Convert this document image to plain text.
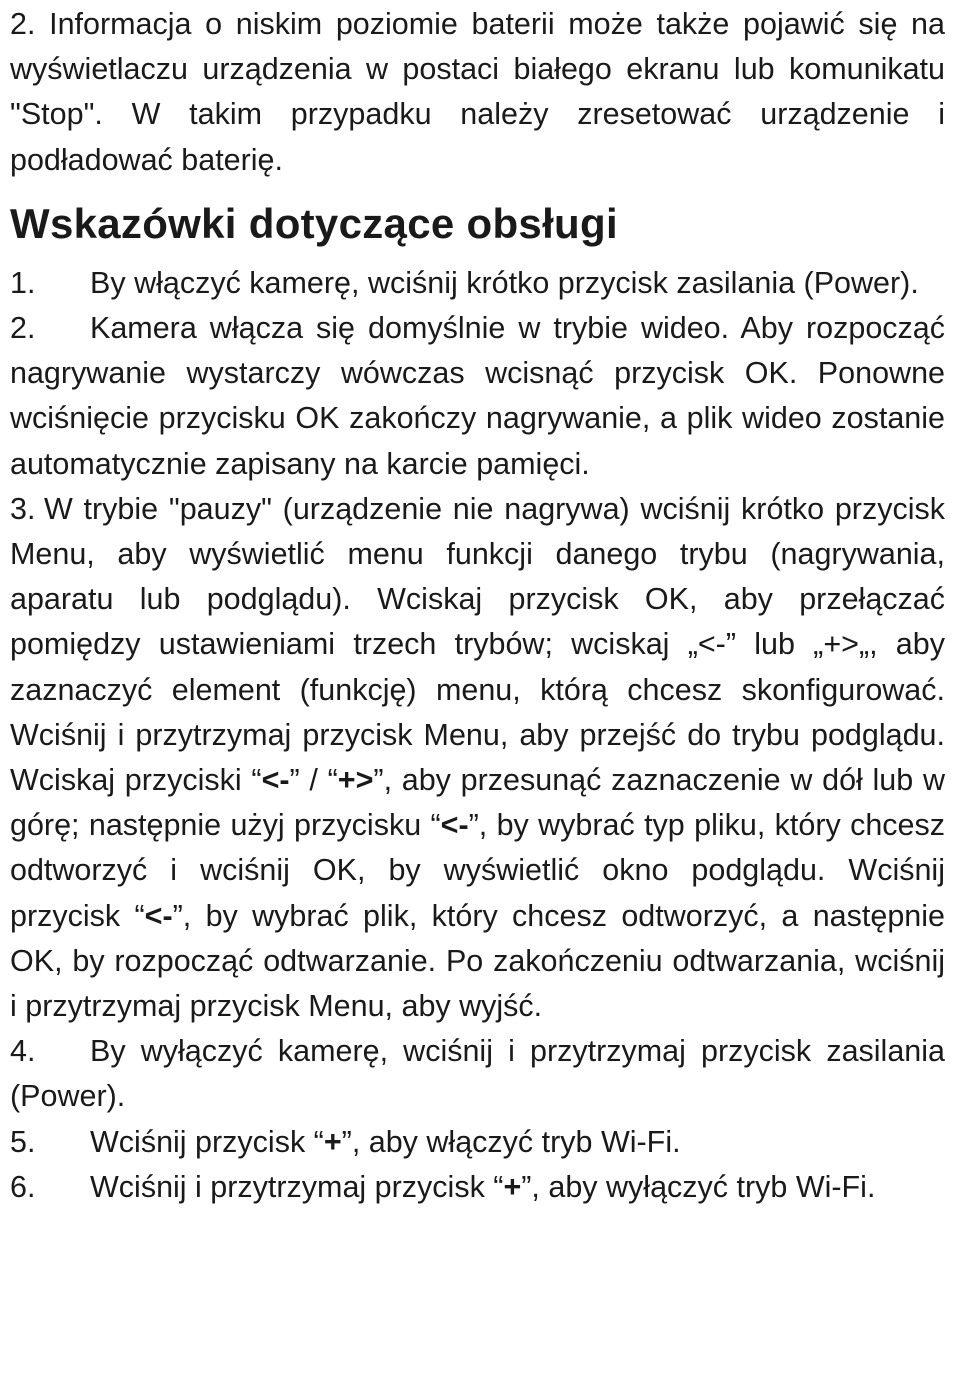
2. Informacja o niskim poziomie baterii może także pojawić się na wyświetlaczu urządzenia w postaci białego ekranu lub komunikatu "Stop". W takim przypadku należy zresetować urządzenie i podładować baterię.

Wskazówki dotyczące obsługi

1. By włączyć kamerę, wciśnij krótko przycisk zasilania (Power).

2. Kamera włącza się domyślnie w trybie wideo. Aby rozpocząć nagrywanie wystarczy wówczas wcisnąć przycisk OK. Ponowne wciśnięcie przycisku OK zakończy nagrywanie, a plik wideo zostanie automatycznie zapisany na karcie pamięci.

3. W trybie "pauzy" (urządzenie nie nagrywa) wciśnij krótko przycisk Menu, aby wyświetlić menu funkcji danego trybu (nagrywania, aparatu lub podglądu). Wciskaj przycisk OK, aby przełączać pomiędzy ustawieniami trzech trybów; wciskaj „<-” lub „+>„, aby zaznaczyć element (funkcję) menu, którą chcesz skonfigurować. Wciśnij i przytrzymaj przycisk Menu, aby przejść do trybu podglądu. Wciskaj przyciski “<-” / “+>”, aby przesunąć zaznaczenie w dół lub w górę; następnie użyj przycisku “<-”, by wybrać typ pliku, który chcesz odtworzyć i wciśnij OK, by wyświetlić okno podglądu. Wciśnij przycisk “<-”, by wybrać plik, który chcesz odtworzyć, a następnie OK, by rozpocząć odtwarzanie. Po zakończeniu odtwarzania, wciśnij i przytrzymaj przycisk Menu, aby wyjść.

4. By wyłączyć kamerę, wciśnij i przytrzymaj przycisk zasilania (Power).

5. Wciśnij przycisk “+”, aby włączyć tryb Wi-Fi.

6. Wciśnij i przytrzymaj przycisk “+”, aby wyłączyć tryb Wi-Fi.
